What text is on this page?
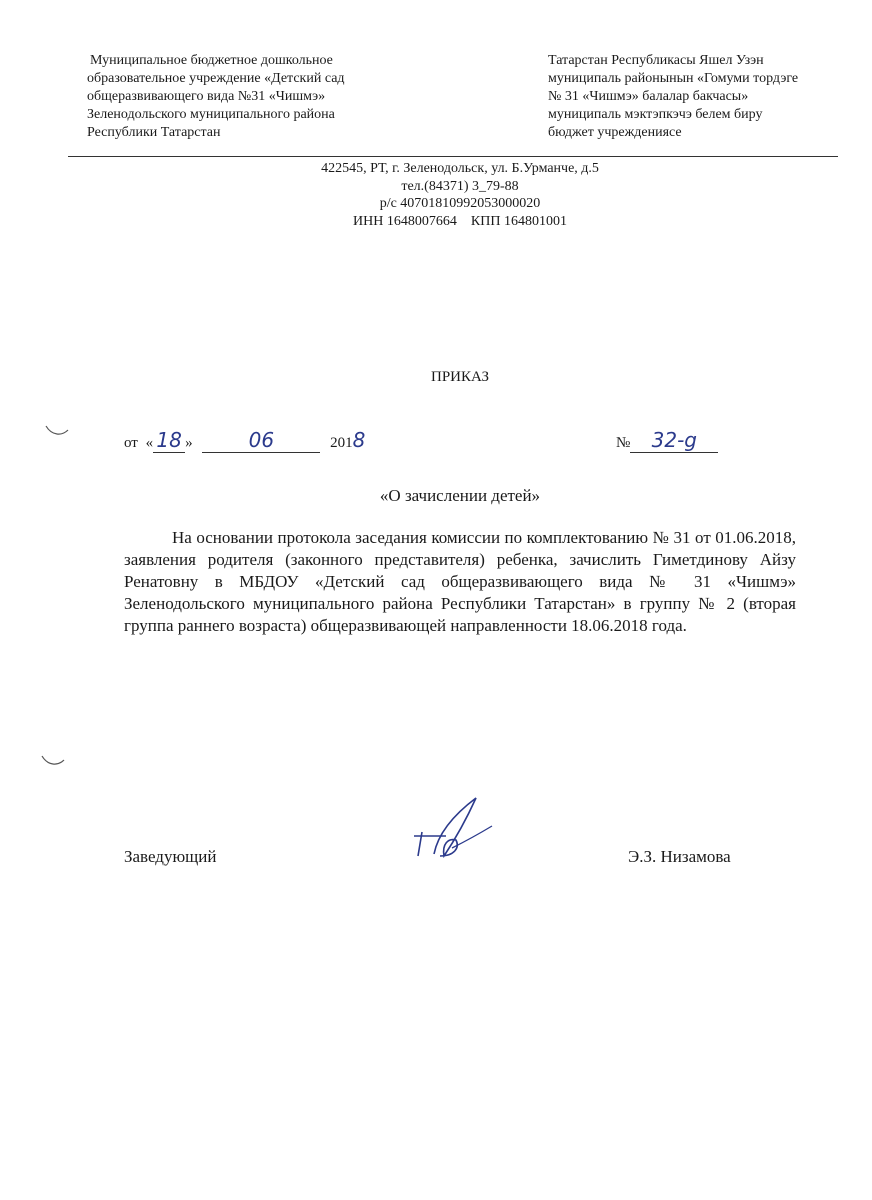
Муниципальное бюджетное дошкольное
образовательное учреждение «Детский сад
общеразвивающего вида №31 «Чишмэ»
Зеленодольского муниципального района
Республики Татарстан
Татарстан Республикасы Яшел Узэн
муниципаль районынын «Гомуми тордэге
№ 31 «Чишмэ» балалар бакчасы»
муниципаль мэктэпкэчэ белем биру
бюджет учреждениясе
422545, РТ, г. Зеленодольск, ул. Б.Урманче, д.5
тел.(84371) 3_79-88
р/с 40701810992053000020
ИНН 1648007664 КПП 164801001
ПРИКАЗ
от « 18 »	06	2018	№ 32-g
«О зачислении детей»
На основании протокола заседания комиссии по комплектованию № 31 от 01.06.2018, заявления родителя (законного представителя) ребенка, зачислить Гиметдинову Айзу Ренатовну в МБДОУ «Детский сад общеразвивающего вида № 31 «Чишмэ» Зеленодольского муниципального района Республики Татарстан» в группу № 2 (вторая группа раннего возраста) общеразвивающей направленности 18.06.2018 года.
Заведующий	Э.З. Низамова
